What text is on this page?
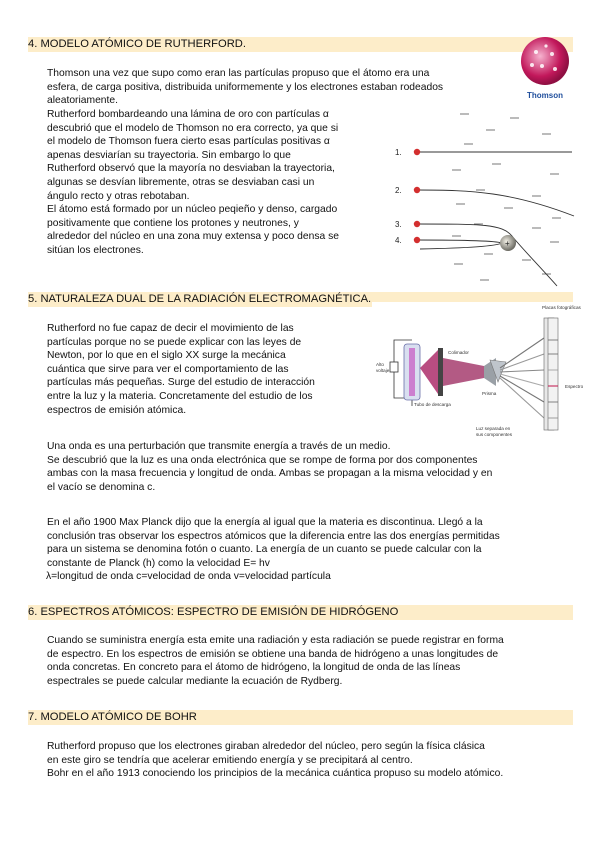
4. MODELO ATÓMICO DE RUTHERFORD.
Thomson una vez que supo como eran las partículas propuso que el átomo era una
esfera, de carga positiva, distribuida uniformemente y los electrones estaban rodeados
aleatoriamente.
Rutherford bombardeando una lámina de oro con partículas α
descubrió que el modelo de Thomson no era correcto, ya que si
el modelo de Thomson fuera cierto esas partículas positivas α
apenas desviarían su trayectoria. Sin embargo lo que
Rutherford observó que la mayoría no desviaban la trayectoria,
algunas se desvían libremente, otras se desviaban casi un
ángulo recto y otras rebotaban.
El átomo está formado por un núcleo peqieño y denso, cargado
positivamente que contiene los protones y neutrones, y
alrededor del núcleo en una zona muy extensa y poco densa se
sitúan los electrones.
Thomson
+
1.
2.
3.
4.
5. NATURALEZA DUAL DE LA RADIACIÓN ELECTROMAGNÉTICA.
Rutherford no fue capaz de decir el movimiento de las
partículas porque no se puede explicar con las leyes de
Newton, por lo que en el siglo XX surge la mecánica
cuántica que sirve para ver el comportamiento de las
partículas más pequeñas. Surge del estudio de interacción
entre la luz y la materia. Concretamente del estudio de los
espectros de emisión atómica.
Placas fotográficas
Alto
voltaje
Colimador
Espectro
Tubo de descarga
Prisma
Luz separada en
sus componentes
Una onda es una perturbación que transmite energía a través de un medio.
Se descubrió que la luz es una onda electrónica que se rompe de forma por dos componentes
ambas con la masa frecuencia y longitud de onda. Ambas se propagan a la misma velocidad y en
el vacío se denomina c.
En el año 1900 Max Planck dijo que la energía al igual que la materia es discontinua. Llegó a la
conclusión tras observar los espectros atómicos que la diferencia entre las dos energías permitidas
para un sistema se denomina fotón o cuanto. La energía de un cuanto se puede calcular con la
constante de Planck (h) como la velocidad E= hv
λ=longitud de onda c=velocidad de onda v=velocidad partícula
6. ESPECTROS ATÓMICOS: ESPECTRO DE EMISIÓN DE HIDRÓGENO
Cuando se suministra energía esta emite una radiación y esta radiación se puede registrar en forma
de espectro. En los espectros de emisión se obtiene una banda de hidrógeno a unas longitudes de
onda concretas. En concreto para el átomo de hidrógeno, la longitud de onda de las líneas
espectrales se puede calcular mediante la ecuación de Rydberg.
7. MODELO ATÓMICO DE BOHR
Rutherford propuso que los electrones giraban alrededor del núcleo, pero según la física clásica
en este giro se tendría que acelerar emitiendo energía y se precipitará al centro.
Bohr en el año 1913 conociendo los principios de la mecánica cuántica propuso su modelo atómico.
